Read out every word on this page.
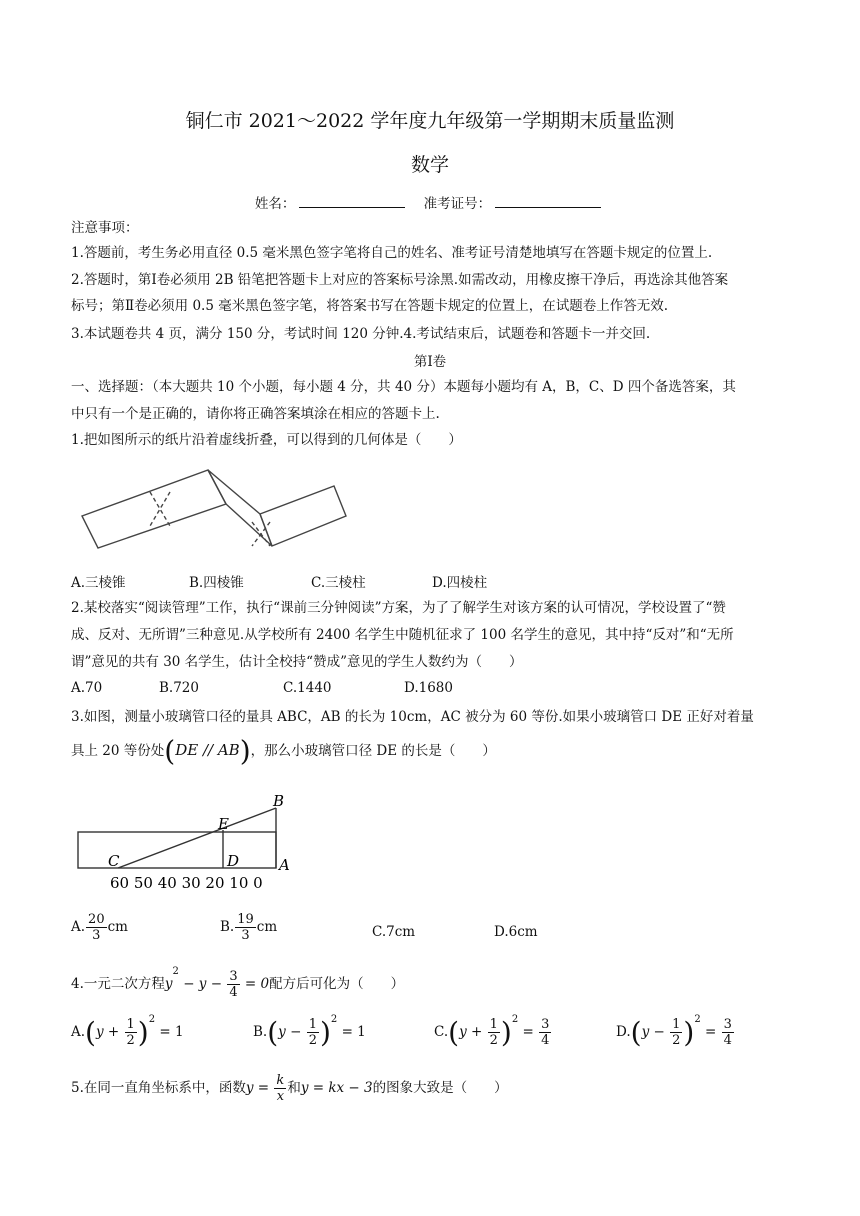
铜仁市 2021～2022 学年度九年级第一学期期末质量监测
数学
姓名：	准考证号：
注意事项：
1.答题前，考生务必用直径 0.5 毫米黑色签字笔将自己的姓名、准考证号清楚地填写在答题卡规定的位置上.
2.答题时，第Ⅰ卷必须用 2B 铅笔把答题卡上对应的答案标号涂黑.如需改动，用橡皮擦干净后，再选涂其他答案
标号；第Ⅱ卷必须用 0.5 毫米黑色签字笔，将答案书写在答题卡规定的位置上，在试题卷上作答无效.
3.本试题卷共 4 页，满分 150 分，考试时间 120 分钟.4.考试结束后，试题卷和答题卡一并交回.
第Ⅰ卷
一、选择题：（本大题共 10 个小题，每小题 4 分，共 40 分）本题每小题均有 A，B，C、D 四个备选答案，其
中只有一个是正确的，请你将正确答案填涂在相应的答题卡上.
1.把如图所示的纸片沿着虚线折叠，可以得到的几何体是（　　）
A.三棱锥	B.四棱锥	C.三棱柱	D.四棱柱
2.某校落实“阅读管理”工作，执行“课前三分钟阅读”方案，为了了解学生对该方案的认可情况，学校设置了“赞
成、反对、无所谓”三种意见.从学校所有 2400 名学生中随机征求了 100 名学生的意见，其中持“反对”和“无所
谓”意见的共有 30 名学生，估计全校持“赞成”意见的学生人数约为（　　）
A.70	B.720	C.1440	D.1680
3.如图，测量小玻璃管口径的量具 ABC，AB 的长为 10cm，AC 被分为 60 等份.如果小玻璃管口 DE 正好对着量
具上 20 等份处(DE // AB)，那么小玻璃管口径 DE 的长是（　　）
B
E
C	D	A
60 50 40 30 20 10 0
A. $\frac{20}{3}$ cm	B. $\frac{19}{3}$ cm	C.7cm	D.6cm
4.一元二次方程$y^2 - y - \frac{3}{4} = 0$配方后可化为（　　）
$A.(y + \frac{1}{2} )^2 = 1$	$B.(y - \frac{1}{2} )^2 = 1$	$C.(y + \frac{1}{2} )^2 = \frac{3}{4}$	$D.(y - \frac{1}{2} )^2 = \frac{3}{4}$
5.在同一直角坐标系中，函数$y = \frac{k}{x}$ 和y = kx − 3的图象大致是（　　）
